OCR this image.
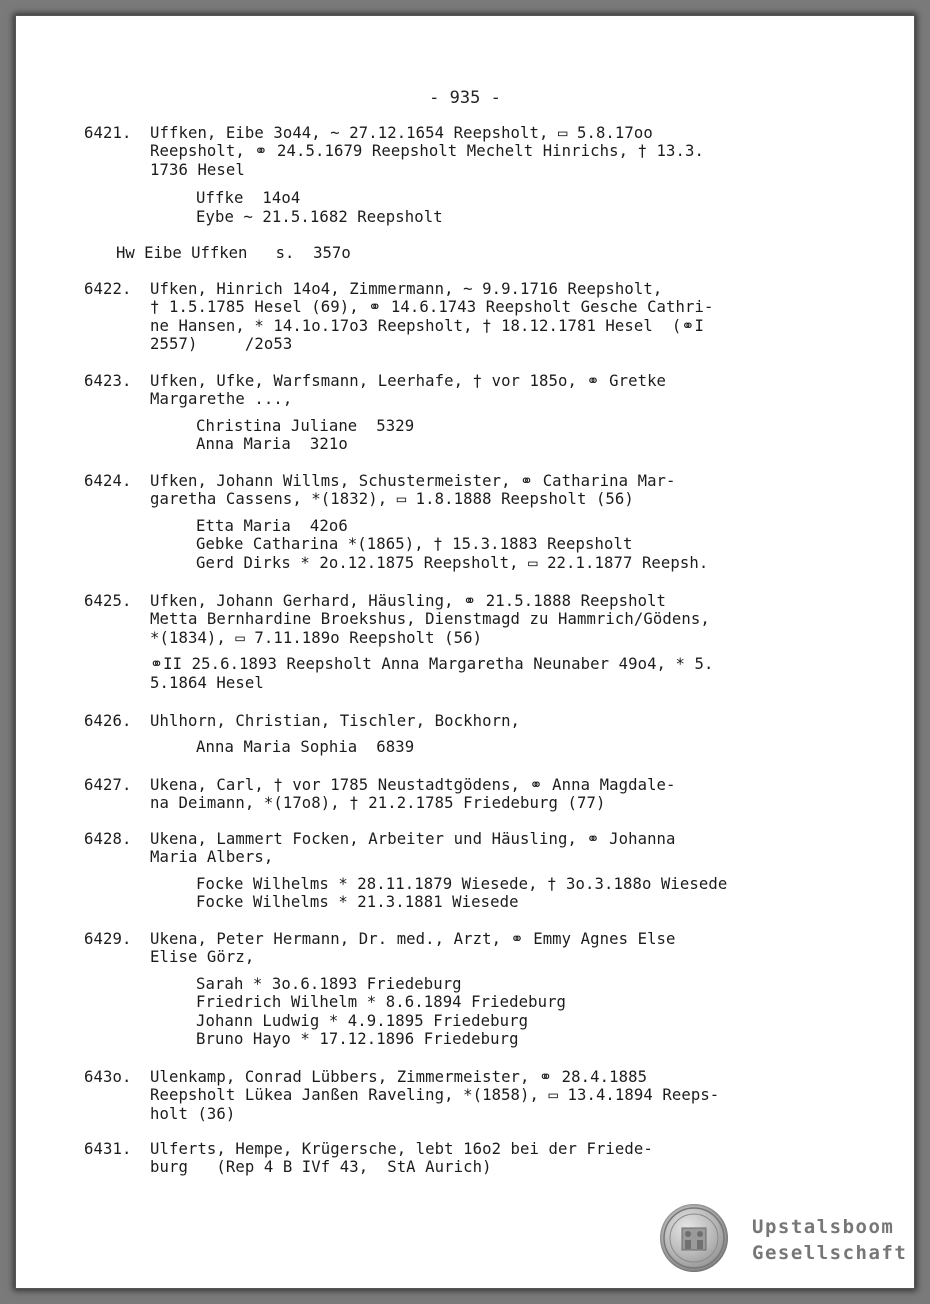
- 935 -
6421.	Uffken, Eibe 3o44, ~ 27.12.1654 Reepsholt, ▭ 5.8.17oo
Reepsholt, ⚭ 24.5.1679 Reepsholt Mechelt Hinrichs, † 13.3.
1736 Hesel
Uffke  14o4
Eybe ~ 21.5.1682 Reepsholt
Hw Eibe Uffken   s.  357o
6422.	Ufken, Hinrich 14o4, Zimmermann, ~ 9.9.1716 Reepsholt,
† 1.5.1785 Hesel (69), ⚭ 14.6.1743 Reepsholt Gesche Cathri-
ne Hansen, * 14.1o.17o3 Reepsholt, † 18.12.1781 Hesel  (⚭I
2557)     /2o53
6423.	Ufken, Ufke, Warfsmann, Leerhafe, † vor 185o, ⚭ Gretke
Margarethe ...,
Christina Juliane  5329
Anna Maria  321o
6424.	Ufken, Johann Willms, Schustermeister, ⚭ Catharina Mar-
garetha Cassens, *(1832), ▭ 1.8.1888 Reepsholt (56)
Etta Maria  42o6
Gebke Catharina *(1865), † 15.3.1883 Reepsholt
Gerd Dirks * 2o.12.1875 Reepsholt, ▭ 22.1.1877 Reepsh.
6425.	Ufken, Johann Gerhard, Häusling, ⚭ 21.5.1888 Reepsholt
Metta Bernhardine Broekshus, Dienstmagd zu Hammrich/Gödens,
*(1834), ▭ 7.11.189o Reepsholt (56)
⚭II 25.6.1893 Reepsholt Anna Margaretha Neunaber 49o4, * 5.
5.1864 Hesel
6426.	Uhlhorn, Christian, Tischler, Bockhorn,
Anna Maria Sophia  6839
6427.	Ukena, Carl, † vor 1785 Neustadtgödens, ⚭ Anna Magdale-
na Deimann, *(17o8), † 21.2.1785 Friedeburg (77)
6428.	Ukena, Lammert Focken, Arbeiter und Häusling, ⚭ Johanna
Maria Albers,
Focke Wilhelms * 28.11.1879 Wiesede, † 3o.3.188o Wiesede
Focke Wilhelms * 21.3.1881 Wiesede
6429.	Ukena, Peter Hermann, Dr. med., Arzt, ⚭ Emmy Agnes Else
Elise Görz,
Sarah * 3o.6.1893 Friedeburg
Friedrich Wilhelm * 8.6.1894 Friedeburg
Johann Ludwig * 4.9.1895 Friedeburg
Bruno Hayo * 17.12.1896 Friedeburg
643o.	Ulenkamp, Conrad Lübbers, Zimmermeister, ⚭ 28.4.1885
Reepsholt Lükea Janßen Raveling, *(1858), ▭ 13.4.1894 Reeps-
holt (36)
6431.	Ulferts, Hempe, Krügersche, lebt 16o2 bei der Friede-
burg   (Rep 4 B IVf 43,  StA Aurich)
Upstalsboom
Gesellschaft
